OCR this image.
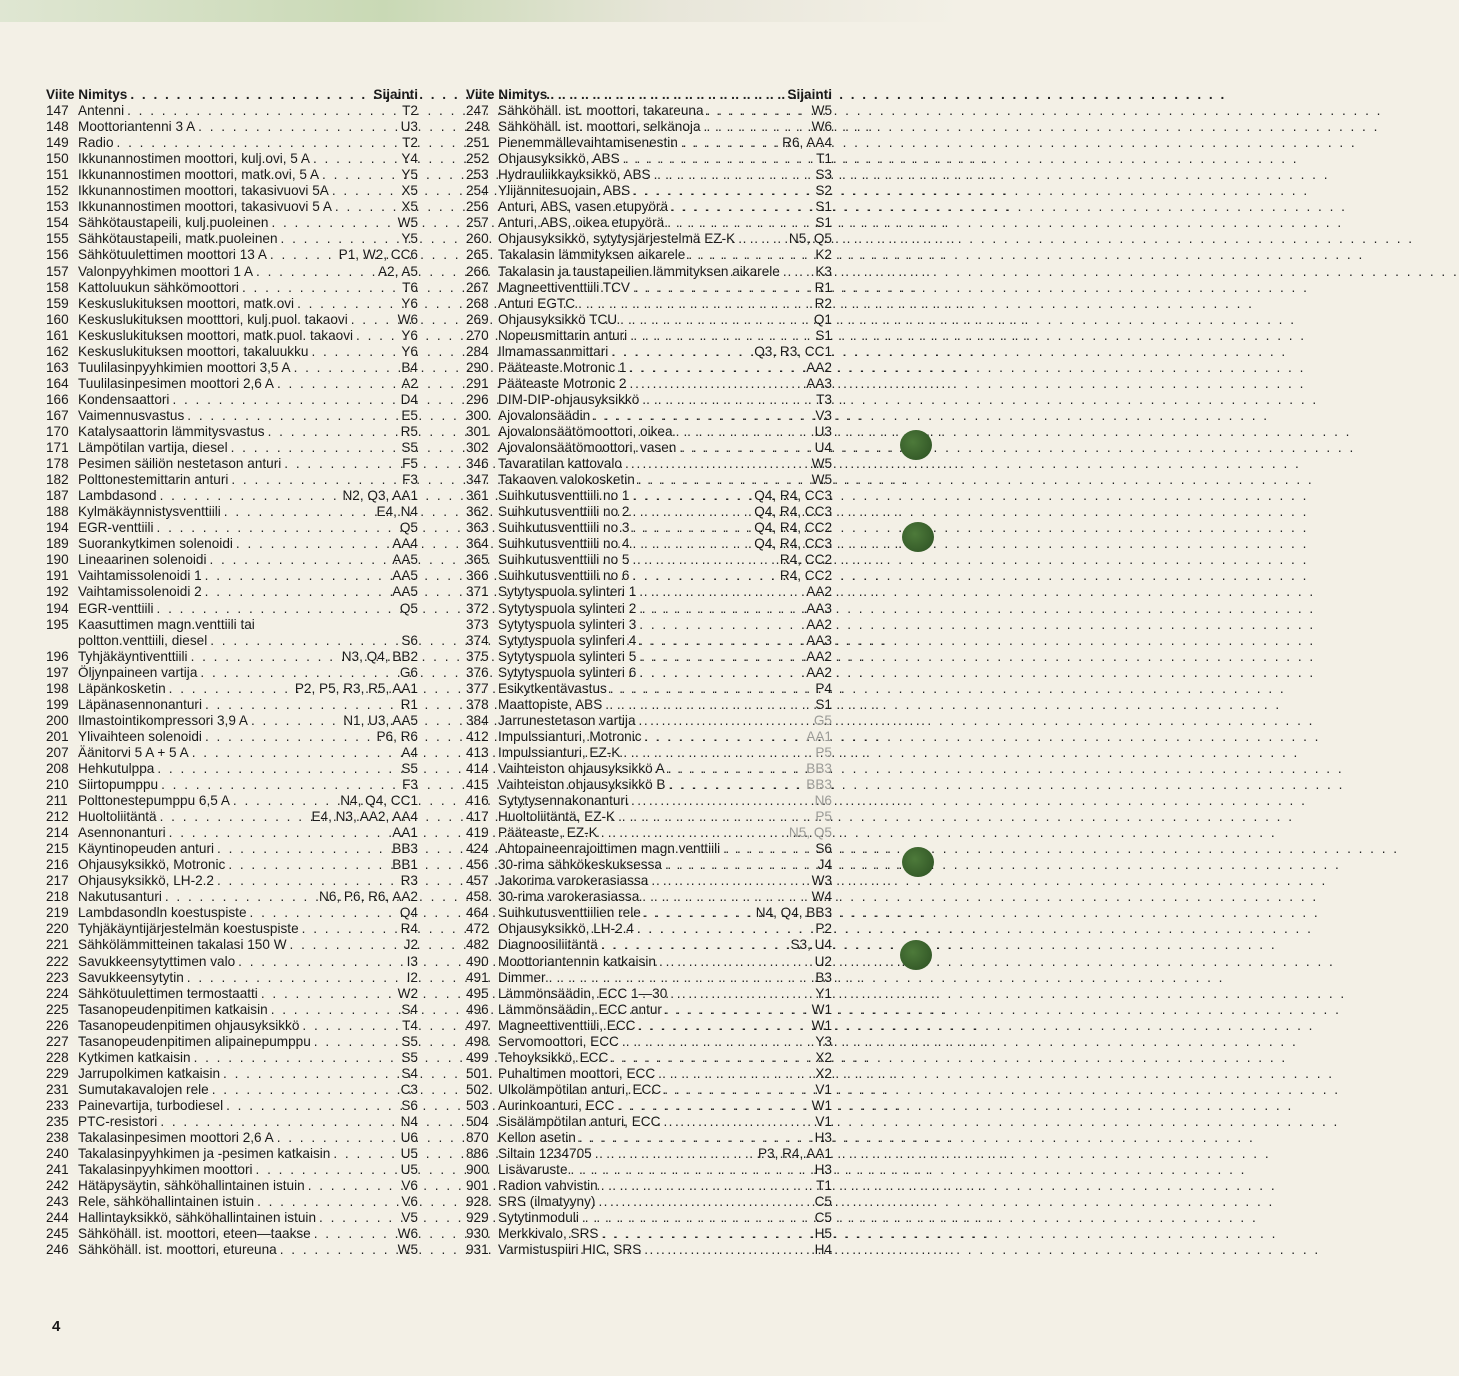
Viite Nimitys . . .	Sijainti
147 Antenni . . .	T2
148 Moottoriantenni 3 A . . .	U3
149 Radio . . .	T2
150 Ikkunannostimen moottori, kulj.ovi, 5 A . . .	Y4
151 Ikkunannostimen moottori, matk.ovi, 5 A . . .	Y5
152 Ikkunannostimen moottori, takasivuovi 5A . . .	X5
153 Ikkunannostimen moottori, takasivuovi 5 A . . .	X5
154 Sähkötaustapeili, kulj.puoleinen . . .	W5
155 Sähkötaustapeili, matk.puoleinen . . .	Y5
156 Sähkötuulettimen moottori 13 A . . .	P1, W2, CC6
157 Valonpyyhkimen moottori 1 A . . .	A2, A5
158 Kattoluukun sähkömoottori . . .	T6
159 Keskuslukituksen moottori, matk.ovi . . .	Y6
160 Keskuslukituksen mootttori, kulj.puol. takaovi . . .	W6
161 Keskuslukituksen moottori, matk.puol. takaovi . . .	Y6
162 Keskuslukituksen moottori, takaluukku . . .	Y6
163 Tuulilasinpyyhkimien moottori 3,5 A . . .	B4
164 Tuulilasinpesimen moottori 2,6 A . . .	A2
166 Kondensaattori . . .	D4
167 Vaimennusvastus . . .	E5
170 Katalysaattorin lämmitysvastus . . .	R5
171 Lämpötilan vartija, diesel . . .	S5
178 Pesimen säiliön nestetason anturi . . .	F5
182 Polttonestemittarin anturi . . .	F3
187 Lambdasond . . .	N2, Q3, AA1
188 Kylmäkäynnistysventtiili . . .	E4, N4
194 EGR-venttiili . . .	Q5
189 Suorankytkimen solenoidi . . .	AA4
190 Lineaarinen solenoidi . . .	AA5
191 Vaihtamissolenoidi 1 . . .	AA5
192 Vaihtamissolenoidi 2 . . .	AA5
194 EGR-venttiili . . .	Q5
195 Kaasuttimen magn.venttiili tai
poltton.venttiili, diesel . . .	S6
196 Tyhjäkäyntiventtiili . . .	N3, Q4, BB2
197 Öljynpaineen vartija . . .	G6
198 Läpänkosketin . . .	P2, P5, R3, R5, AA1
199 Läpänasennonanturi . . .	R1
200 Ilmastointikompressori 3,9 A . . .	N1, U3, AA5
201 Ylivaihteen solenoidi . . .	P6, R6
207 Äänitorvi 5 A + 5 A . . .	A4
208 Hehkutulppa . . .	S5
210 Siirtopumppu . . .	F3
211 Polttonestepumppu 6,5 A . . .	N4, Q4, CC1
212 Huoltoliitäntä . . .	E4, N3, AA2, AA4
214 Asennonanturi . . .	AA1
215 Käyntinopeuden anturi . . .	BB3
216 Ohjausyksikkö, Motronic . . .	BB1
217 Ohjausyksikkö, LH-2.2 . . .	R3
218 Nakutusanturi . . .	N6, P6, R6, AA2
219 Lambdasondln koestuspiste . . .	Q4
220 Tyhjäkäyntijärjestelmän koestuspiste . . .	R4
221 Sähkölämmitteinen takalasi 150 W . . .	J2
222 Savukkeensytyttimen valo . . .	I3
223 Savukkeensytytin . . .	I2
224 Sähkötuulettimen termostaatti . . .	W2
225 Tasanopeudenpitimen katkaisin . . .	S4
226 Tasanopeudenpitimen ohjausyksikkö . . .	T4
227 Tasanopeudenpitimen alipainepumppu . . .	S5
228 Kytkimen katkaisin . . .	S5
229 Jarrupolkimen katkaisin . . .	S4
231 Sumutakavalojen rele . . .	C3
233 Painevartija, turbodiesel . . .	S6
235 PTC-resistori . . .	N4
238 Takalasinpesimen moottori 2,6 A . . .	U6
240 Takalasinpyyhkimen ja -pesimen katkaisin . . .	U5
241 Takalasinpyyhkimen moottori . . .	U5
242 Hätäpysäytin, sähköhallintainen istuin . . .	V6
243 Rele, sähköhallintainen istuin . . .	V6
244 Hallintayksikkö, sähköhallintainen istuin . . .	V5
245 Sähköhäll. ist. moottori, eteen—taakse . . .	W6
246 Sähköhäll. ist. moottori, etureuna . . .	W5
Viite Nimitys . . .	Sijainti
247 Sähköhäll. ist. moottori, takareuna . . .	W5
248 Sähköhäll. ist. moottori, selkänoja . . .	W6
251 Pienemmällevaihtamisenestin . . .	R6, AA4
252 Ohjausyksikkö, ABS . . .	T1
253 Hydrauliikkayksikkö, ABS . . .	S3
254 Ylijännitesuojain, ABS . . .	S2
256 Anturi, ABS, vasen etupyörä . . .	S1
257 Anturi, ABS, oikea etupyörä . . .	S1
260 Ohjausyksikkö, sytytysjärjestelmä EZ-K . . .	N5, Q5
265 Takalasin lämmityksen aikarele . . .	K2
266 Takalasin ja taustapeilien lämmityksen aikarele . . .	K3
267 Magneettiventtiili TCV . . .	R1
268 Anturi EGTC . . .	R2
269 Ohjausyksikkö TCU . . .	Q1
270 Nopeusmittarin anturi . . .	S1
284 Ilmamassanmittari . . .	Q3, R3, CC1
290 Pääteaste Motronic 1 . . .	AA2
291 Pääteaste Motronic 2 . . .	AA3
296 DIM-DIP-ohjausyksikkö . . .	T3
300 Ajovalonsäädin . . .	V3
301 Ajovalonsäätömoottori, oikea . . .	U3
302 Ajovalonsäätömoottori, vasen . . .	U4
346 Tavaratilan kattovalo . . .	W5
347 Takaoven valokosketin . . .	W5
361 Suihkutusventtiili no 1 . . .	Q4, R4, CC3
362 Suihkutusventtiili no 2 . . .	Q4, R4, CC3
363 Suihkutusventtiili no 3 . . .	Q4, R4, CC2
364 Suihkutusventtiili no 4 . . .	Q4, R4, CC3
365 Suihkutusventtiili no 5 . . .	R4, CC2
366 Suihkutusventtiili no 6 . . .	R4, CC2
371 Sytytyspuola sylinteri 1 . . .	AA2
372 Sytytyspuola sylinteri 2 . . .	AA3
373 Sytytyspuola sylinteri 3 . . .	AA2
374 Sytytyspuola sylinferi 4 . . .	AA3
375 Sytytyspuola sylinteri 5 . . .	AA2
376 Sytytyspuola sylinteri 6 . . .	AA2
377 Esikytkentävastus . . .	P4
378 Maattopiste, ABS . . .	S1
384 Jarrunestetason vartija . . .	G5
412 Impulssianturi, Motronic . . .	AA1
413 Impulssianturi, EZ-K . . .	P5
414 Vaihteiston ohjausyksikkö A . . .	BB3
415 Vaihteiston ohjausyksikkö B . . .	BB3
416 Sytytysennakonanturi . . .	N6
417 Huoltoliitäntä, EZ-K . . .	P5
419 Pääteaste, EZ-K . . .	N5, Q5
424 Ahtopaineenrajoittimen magn.venttiili . . .	S6
456 30-rima sähkökeskuksessa . . .	J4
457 Jakorima varokerasiassa . . .	W3
458 30-rima varokerasiassa . . .	W4
464 Suihkutusventtiilien rele . . .	N4, Q4, BB3
472 Ohjausyksikkö, LH-2.4 . . .	P2
482 Diagnoosiliitäntä . . .	S3, U4
490 Moottoriantennin katkaisin . . .	U2
491 Dimmer . . .	B3
495 Lämmönsäädin, ECC 1—30 . . .	Y1
496 Lämmönsäädin, ECC antur . . .	W1
497 Magneettiventtiili, ECC . . .	W1
498 Servomoottori, ECC . . .	Y3
499 Tehoyksikkö, ECC . . .	X2
501 Puhaltimen moottori, ECC . . .	X2
502 Ulkolämpötilan anturi, ECC . . .	V1
503 Aurinkoanturi, ECC . . .	W1
504 Sisälämpötilan anturi, ECC . . .	V1
870 Kellon asetin . . .	H3
886 Siltain 1234705 . . .	P3, R4, AA1
900 Lisävaruste . . .	H3
901 Radion vahvistin . . .	T1
928 SRS (ilmatyyny) . . .	C5
929 Sytytinmoduli . . .	C5
930 Merkkivalo, SRS . . .	H5
931 Varmistuspiiri HIC, SRS . . .	H4
4
